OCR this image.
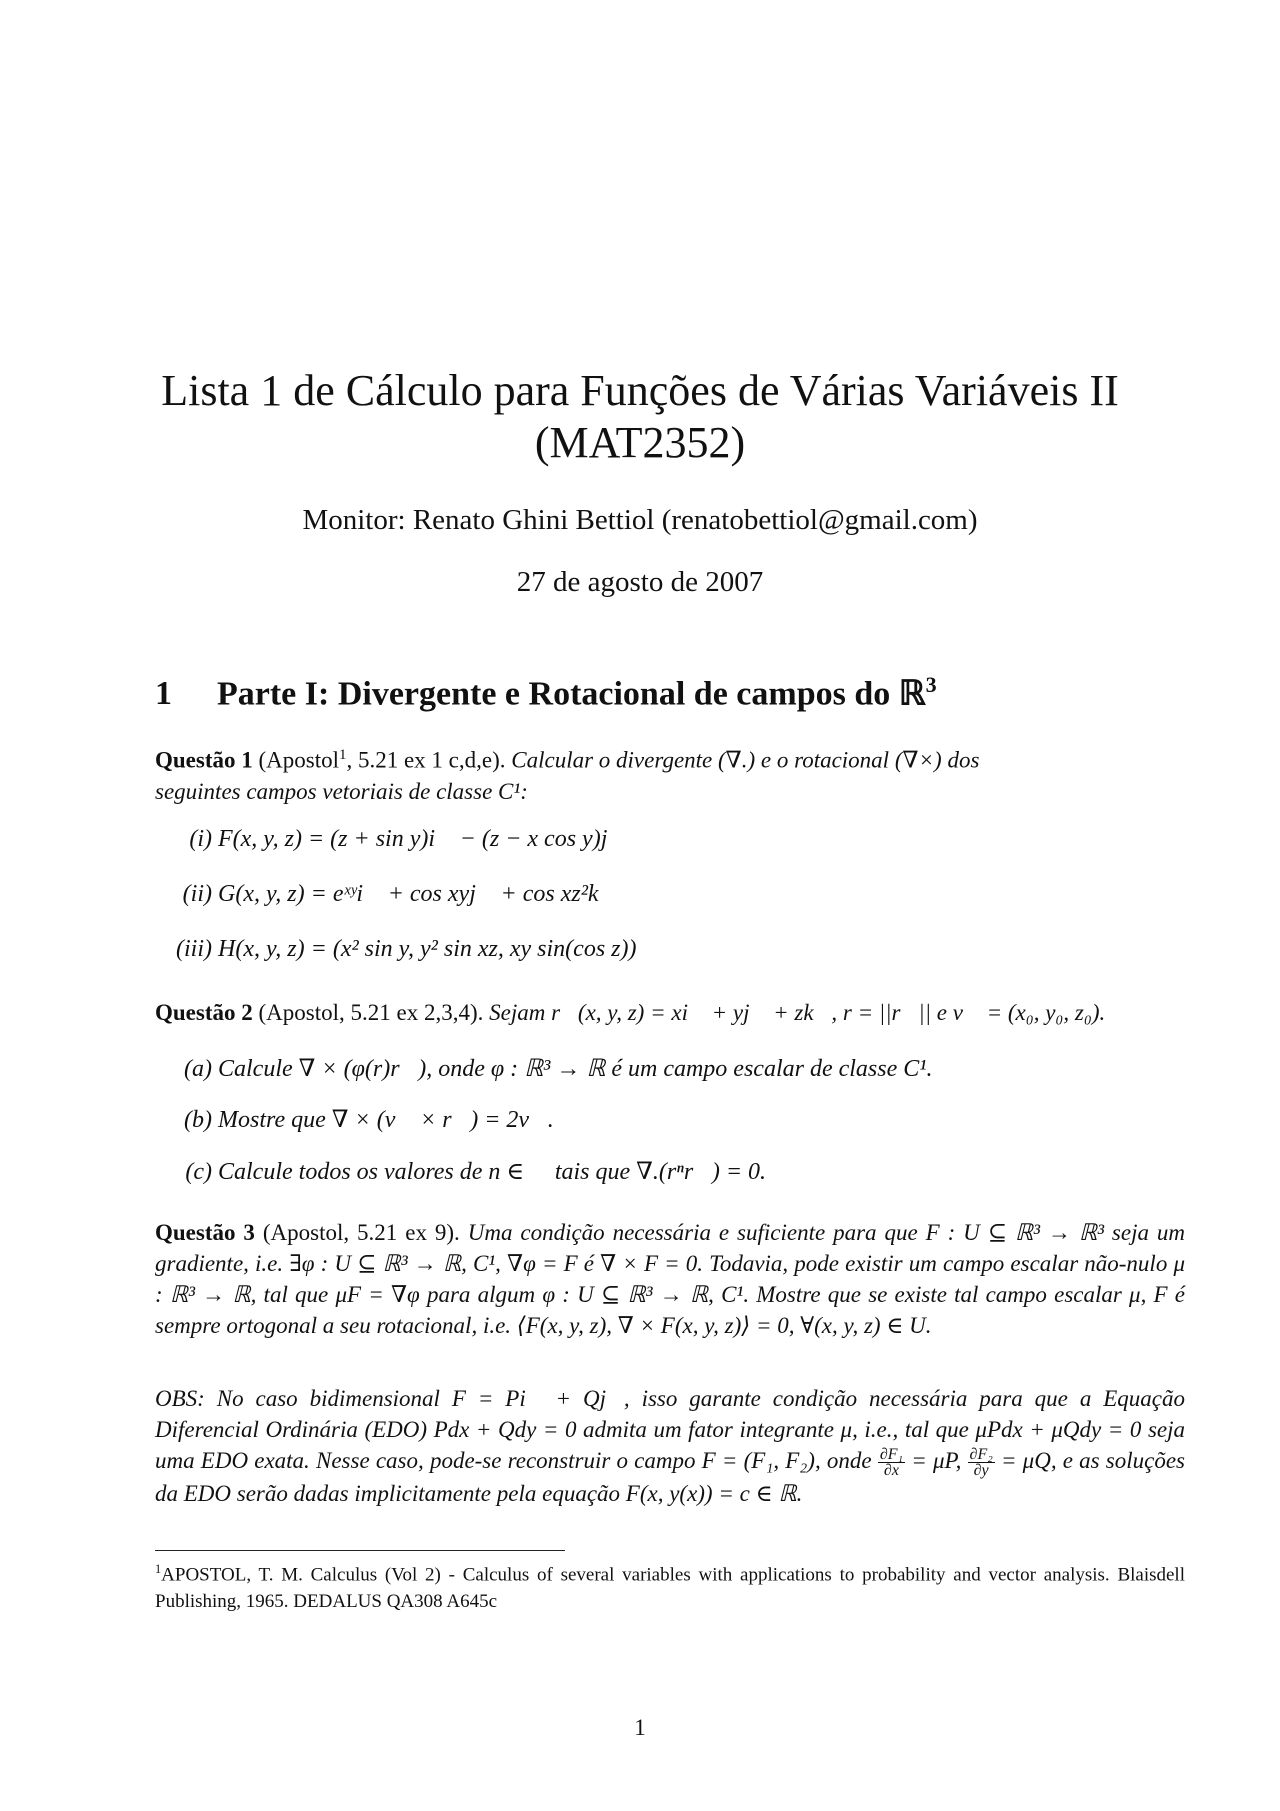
Lista 1 de Cálculo para Funções de Várias Variáveis II
(MAT2352)
Monitor: Renato Ghini Bettiol (renatobettiol@gmail.com)
27 de agosto de 2007
1 Parte I: Divergente e Rotacional de campos do ℝ$^3$
Questão 1 (Apostol$^1$, 5.21 ex 1 c,d,e). Calcular o divergente (∇.) e o rotacional (∇×) dos
seguintes campos vetoriais de classe C¹:
(i) F(x, y, z) = (z + sin y)i⃗ − (z − x cos y)j⃗
(ii) G(x, y, z) = eˣʸi⃗ + cos xyj⃗ + cos xz²k⃗
(iii) H(x, y, z) = (x² sin y, y² sin xz, xy sin(cos z))
Questão 2 (Apostol, 5.21 ex 2,3,4). Sejam r⃗(x, y, z) = xi⃗ + yj⃗ + zk⃗, r = ||r⃗|| e v⃗ = (x₀, y₀, z₀).
(a) Calcule ∇ × (φ(r)r⃗), onde φ : ℝ³ → ℝ é um campo escalar de classe C¹.
(b) Mostre que ∇ × (v⃗ × r⃗) = 2v⃗.
(c) Calcule todos os valores de n ∈ ℤ tais que ∇.(rⁿr⃗) = 0.
Questão 3 (Apostol, 5.21 ex 9). Uma condição necessária e suficiente para que F : U ⊆ ℝ³ → ℝ³ seja um gradiente, i.e. ∃φ : U ⊆ ℝ³ → ℝ, C¹, ∇φ = F é ∇ × F = 0. Todavia, pode existir um campo escalar não-nulo μ : ℝ³ → ℝ, tal que μF = ∇φ para algum φ : U ⊆ ℝ³ → ℝ, C¹. Mostre que se existe tal campo escalar μ, F é sempre ortogonal a seu rotacional, i.e. ⟨F(x, y, z), ∇ × F(x, y, z)⟩ = 0, ∀(x, y, z) ∈ U.
OBS: No caso bidimensional F = Pi⃗ + Qj⃗, isso garante condição necessária para que a Equação Diferencial Ordinária (EDO) Pdx + Qdy = 0 admita um fator integrante μ, i.e., tal que μPdx + μQdy = 0 seja uma EDO exata. Nesse caso, pode-se reconstruir o campo F = (F₁, F₂), onde $\frac{\text{∂F₁}}{\partial x} = \mu P$, $\frac{\text{∂F₂}}{\partial y} = \mu Q$, e as soluções da EDO serão dadas implicitamente pela equação F(x, y(x)) = c ∈ ℝ.
$^1$APOSTOL, T. M. Calculus (Vol 2) - Calculus of several variables with applications to probability and vector analysis. Blaisdell Publishing, 1965. DEDALUS QA308 A645c
1
